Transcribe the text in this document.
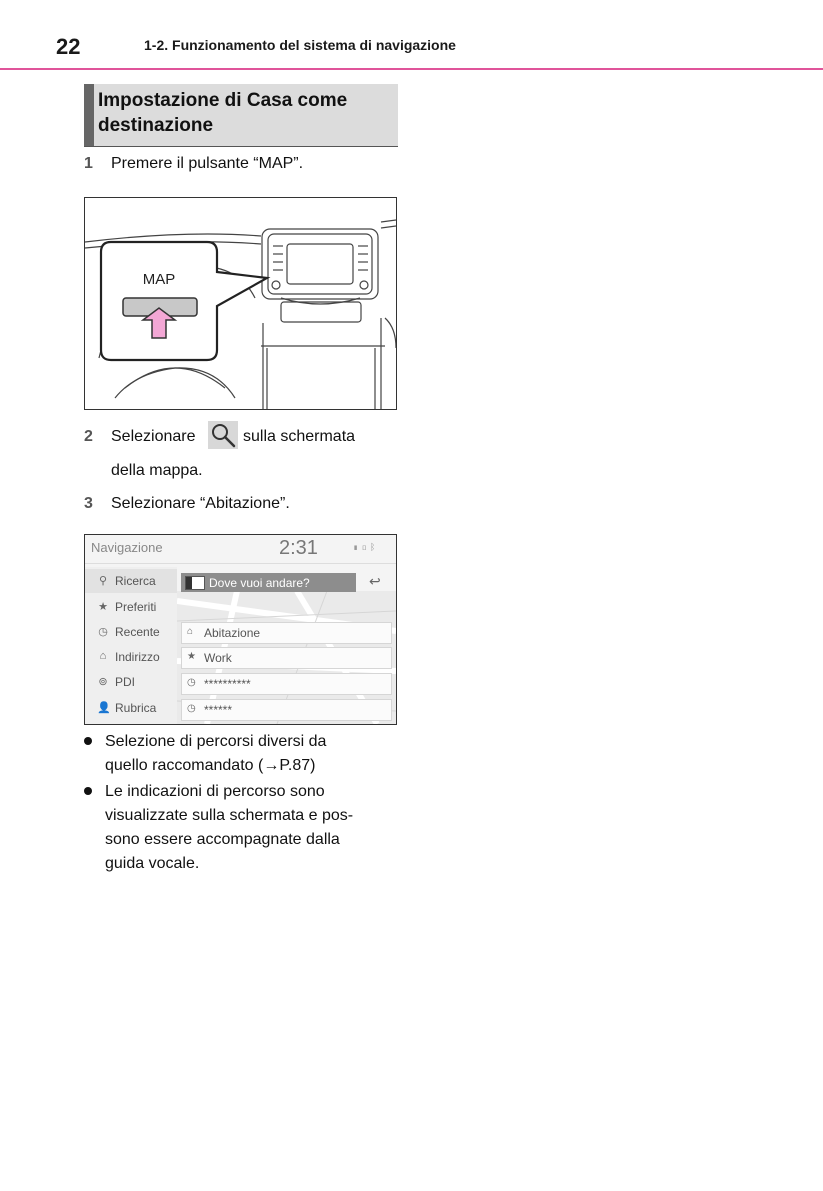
22	1-2. Funzionamento del sistema di navigazione
Impostazione di Casa come destinazione
1 Premere il pulsante “MAP”.
MAP
2 Selezionare	sulla schermata
della mappa.
3 Selezionare “Abitazione”.
Navigazione	2:31	▮▯ᛒ
Dove vuoi andare?	↩
⚲ Ricerca
★ Preferiti
◷ Recente
⌂ Indirizzo
⊚ PDI
👤 Rubrica
⌂ Abitazione
★ Work
◷ **********
◷ ******
Selezione di percorsi diversi da
quello raccomandato (→P.87)
Le indicazioni di percorso sono
visualizzate sulla schermata e pos-
sono essere accompagnate dalla
guida vocale.
